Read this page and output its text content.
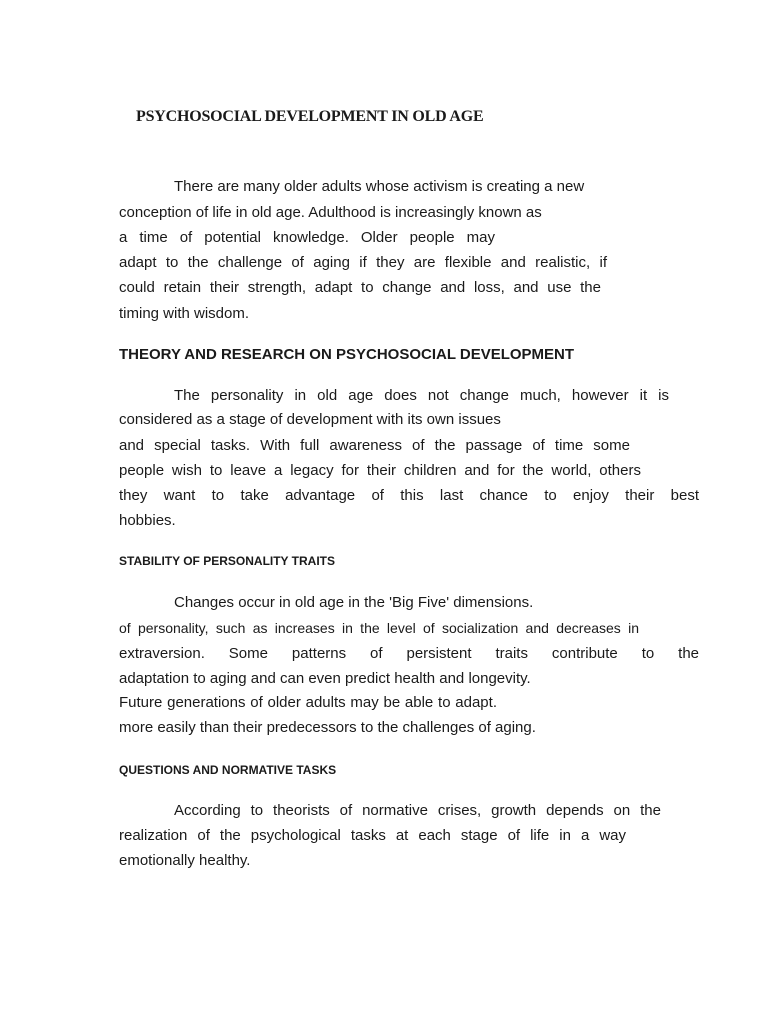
PSYCHOSOCIAL DEVELOPMENT IN OLD AGE

There are many older adults whose activism is creating a new

conception of life in old age. Adulthood is increasingly known as

a time of potential knowledge. Older people may

adapt to the challenge of aging if they are flexible and realistic, if

could retain their strength, adapt to change and loss, and use the

timing with wisdom.

THEORY AND RESEARCH ON PSYCHOSOCIAL DEVELOPMENT

The personality in old age does not change much, however it is

considered as a stage of development with its own issues

and special tasks. With full awareness of the passage of time some

people wish to leave a legacy for their children and for the world, others

they want to take advantage of this last chance to enjoy their best

hobbies.

STABILITY OF PERSONALITY TRAITS

Changes occur in old age in the 'Big Five' dimensions.

of personality, such as increases in the level of socialization and decreases in

extraversion. Some patterns of persistent traits contribute to the

adaptation to aging and can even predict health and longevity.

Future generations of older adults may be able to adapt.

more easily than their predecessors to the challenges of aging.

QUESTIONS AND NORMATIVE TASKS

According to theorists of normative crises, growth depends on the

realization of the psychological tasks at each stage of life in a way

emotionally healthy.
